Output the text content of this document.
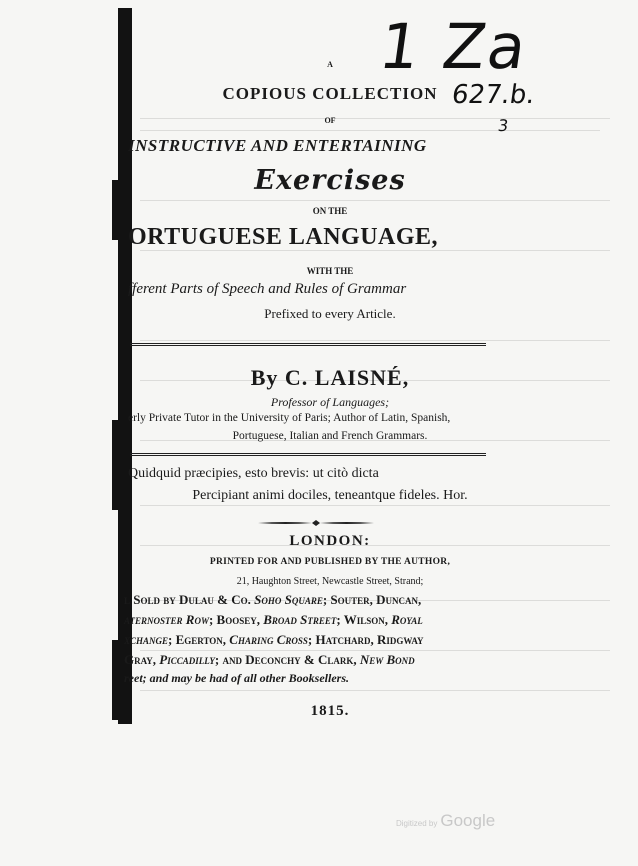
1 Za
627.b.
3
A
COPIOUS COLLECTION
OF
INSTRUCTIVE AND ENTERTAINING
Exercises
ON THE
ORTUGUESE LANGUAGE,
WITH THE
fferent Parts of Speech and Rules of Grammar
Prefixed to every Article.
By C. LAISNÉ,
Professor of Languages;
erly Private Tutor in the University of Paris; Author of Latin, Spanish,
Portuguese, Italian and French Grammars.
Quidquid præcipies, esto brevis: ut citò dicta
Percipiant animi dociles, teneantque fideles. Hor.
LONDON:
PRINTED FOR AND PUBLISHED BY THE AUTHOR,
21, Haughton Street, Newcastle Street, Strand;
l Sold by Dulau & Co. Soho Square; Souter, Duncan,
aternoster Row; Boosey, Broad Street; Wilson, Royal
xchange; Egerton, Charing Cross; Hatchard, Ridgway
Gray, Piccadilly; and Deconchy & Clark, New Bond
reet; and may be had of all other Booksellers.
1815.
Digitized by Google
